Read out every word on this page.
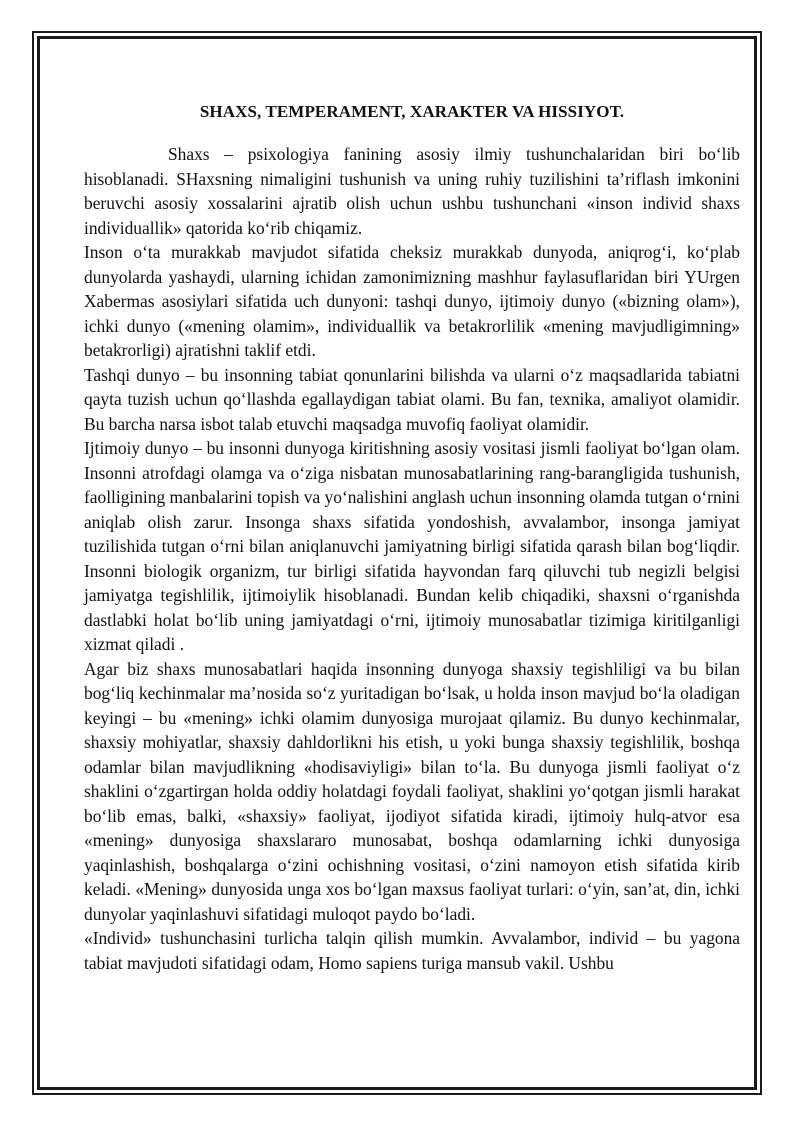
SHAXS, TEMPERAMENT, XARAKTER VA HISSIYOT.

Shaxs – psixologiya fanining asosiy ilmiy tushunchalaridan biri bo‘lib hisoblanadi. SHaxsning nimaligini tushunish va uning ruhiy tuzilishini ta’riflash imkonini beruvchi asosiy xossalarini ajratib olish uchun ushbu tushunchani «inson individ shaxs individuallik» qatorida ko‘rib chiqamiz.

Inson o‘ta murakkab mavjudot sifatida cheksiz murakkab dunyoda, aniqrog‘i, ko‘plab dunyolarda yashaydi, ularning ichidan zamonimizning mashhur faylasuflaridan biri YUrgen Xabermas asosiylari sifatida uch dunyoni: tashqi dunyo, ijtimoiy dunyo («bizning olam»), ichki dunyo («mening olamim», individuallik va betakrorlilik «mening mavjudligimning» betakrorligi) ajratishni taklif etdi.

Tashqi dunyo – bu insonning tabiat qonunlarini bilishda va ularni o‘z maqsadlarida tabiatni qayta tuzish uchun qo‘llashda egallaydigan tabiat olami. Bu fan, texnika, amaliyot olamidir. Bu barcha narsa isbot talab etuvchi maqsadga muvofiq faoliyat olamidir.

Ijtimoiy dunyo – bu insonni dunyoga kiritishning asosiy vositasi jismli faoliyat bo‘lgan olam. Insonni atrofdagi olamga va o‘ziga nisbatan munosabatlarining rang-barangligida tushunish, faolligining manbalarini topish va yo‘nalishini anglash uchun insonning olamda tutgan o‘rnini aniqlab olish zarur. Insonga shaxs sifatida yondoshish, avvalambor, insonga jamiyat tuzilishida tutgan o‘rni bilan aniqlanuvchi jamiyatning birligi sifatida qarash bilan bog‘liqdir. Insonni biologik organizm, tur birligi sifatida hayvondan farq qiluvchi tub negizli belgisi jamiyatga tegishlilik, ijtimoiylik hisoblanadi. Bundan kelib chiqadiki, shaxsni o‘rganishda dastlabki holat bo‘lib uning jamiyatdagi o‘rni, ijtimoiy munosabatlar tizimiga kiritilganligi xizmat qiladi .

Agar biz shaxs munosabatlari haqida insonning dunyoga shaxsiy tegishliligi va bu bilan bog‘liq kechinmalar ma’nosida so‘z yuritadigan bo‘lsak, u holda inson mavjud bo‘la oladigan keyingi – bu «mening» ichki olamim dunyosiga murojaat qilamiz. Bu dunyo kechinmalar, shaxsiy mohiyatlar, shaxsiy dahldorlikni his etish, u yoki bunga shaxsiy tegishlilik, boshqa odamlar bilan mavjudlikning «hodisaviyligi» bilan to‘la. Bu dunyoga jismli faoliyat o‘z shaklini o‘zgartirgan holda oddiy holatdagi foydali faoliyat, shaklini yo‘qotgan jismli harakat bo‘lib emas, balki, «shaxsiy» faoliyat, ijodiyot sifatida kiradi, ijtimoiy hulq-atvor esa «mening» dunyosiga shaxslararo munosabat, boshqa odamlarning ichki dunyosiga yaqinlashish, boshqalarga o‘zini ochishning vositasi, o‘zini namoyon etish sifatida kirib keladi. «Mening» dunyosida unga xos bo‘lgan maxsus faoliyat turlari: o‘yin, san’at, din, ichki dunyolar yaqinlashuvi sifatidagi muloqot paydo bo‘ladi.

«Individ» tushunchasini turlicha talqin qilish mumkin. Avvalambor, individ – bu yagona tabiat mavjudoti sifatidagi odam, Homo sapiens turiga mansub vakil. Ushbu
